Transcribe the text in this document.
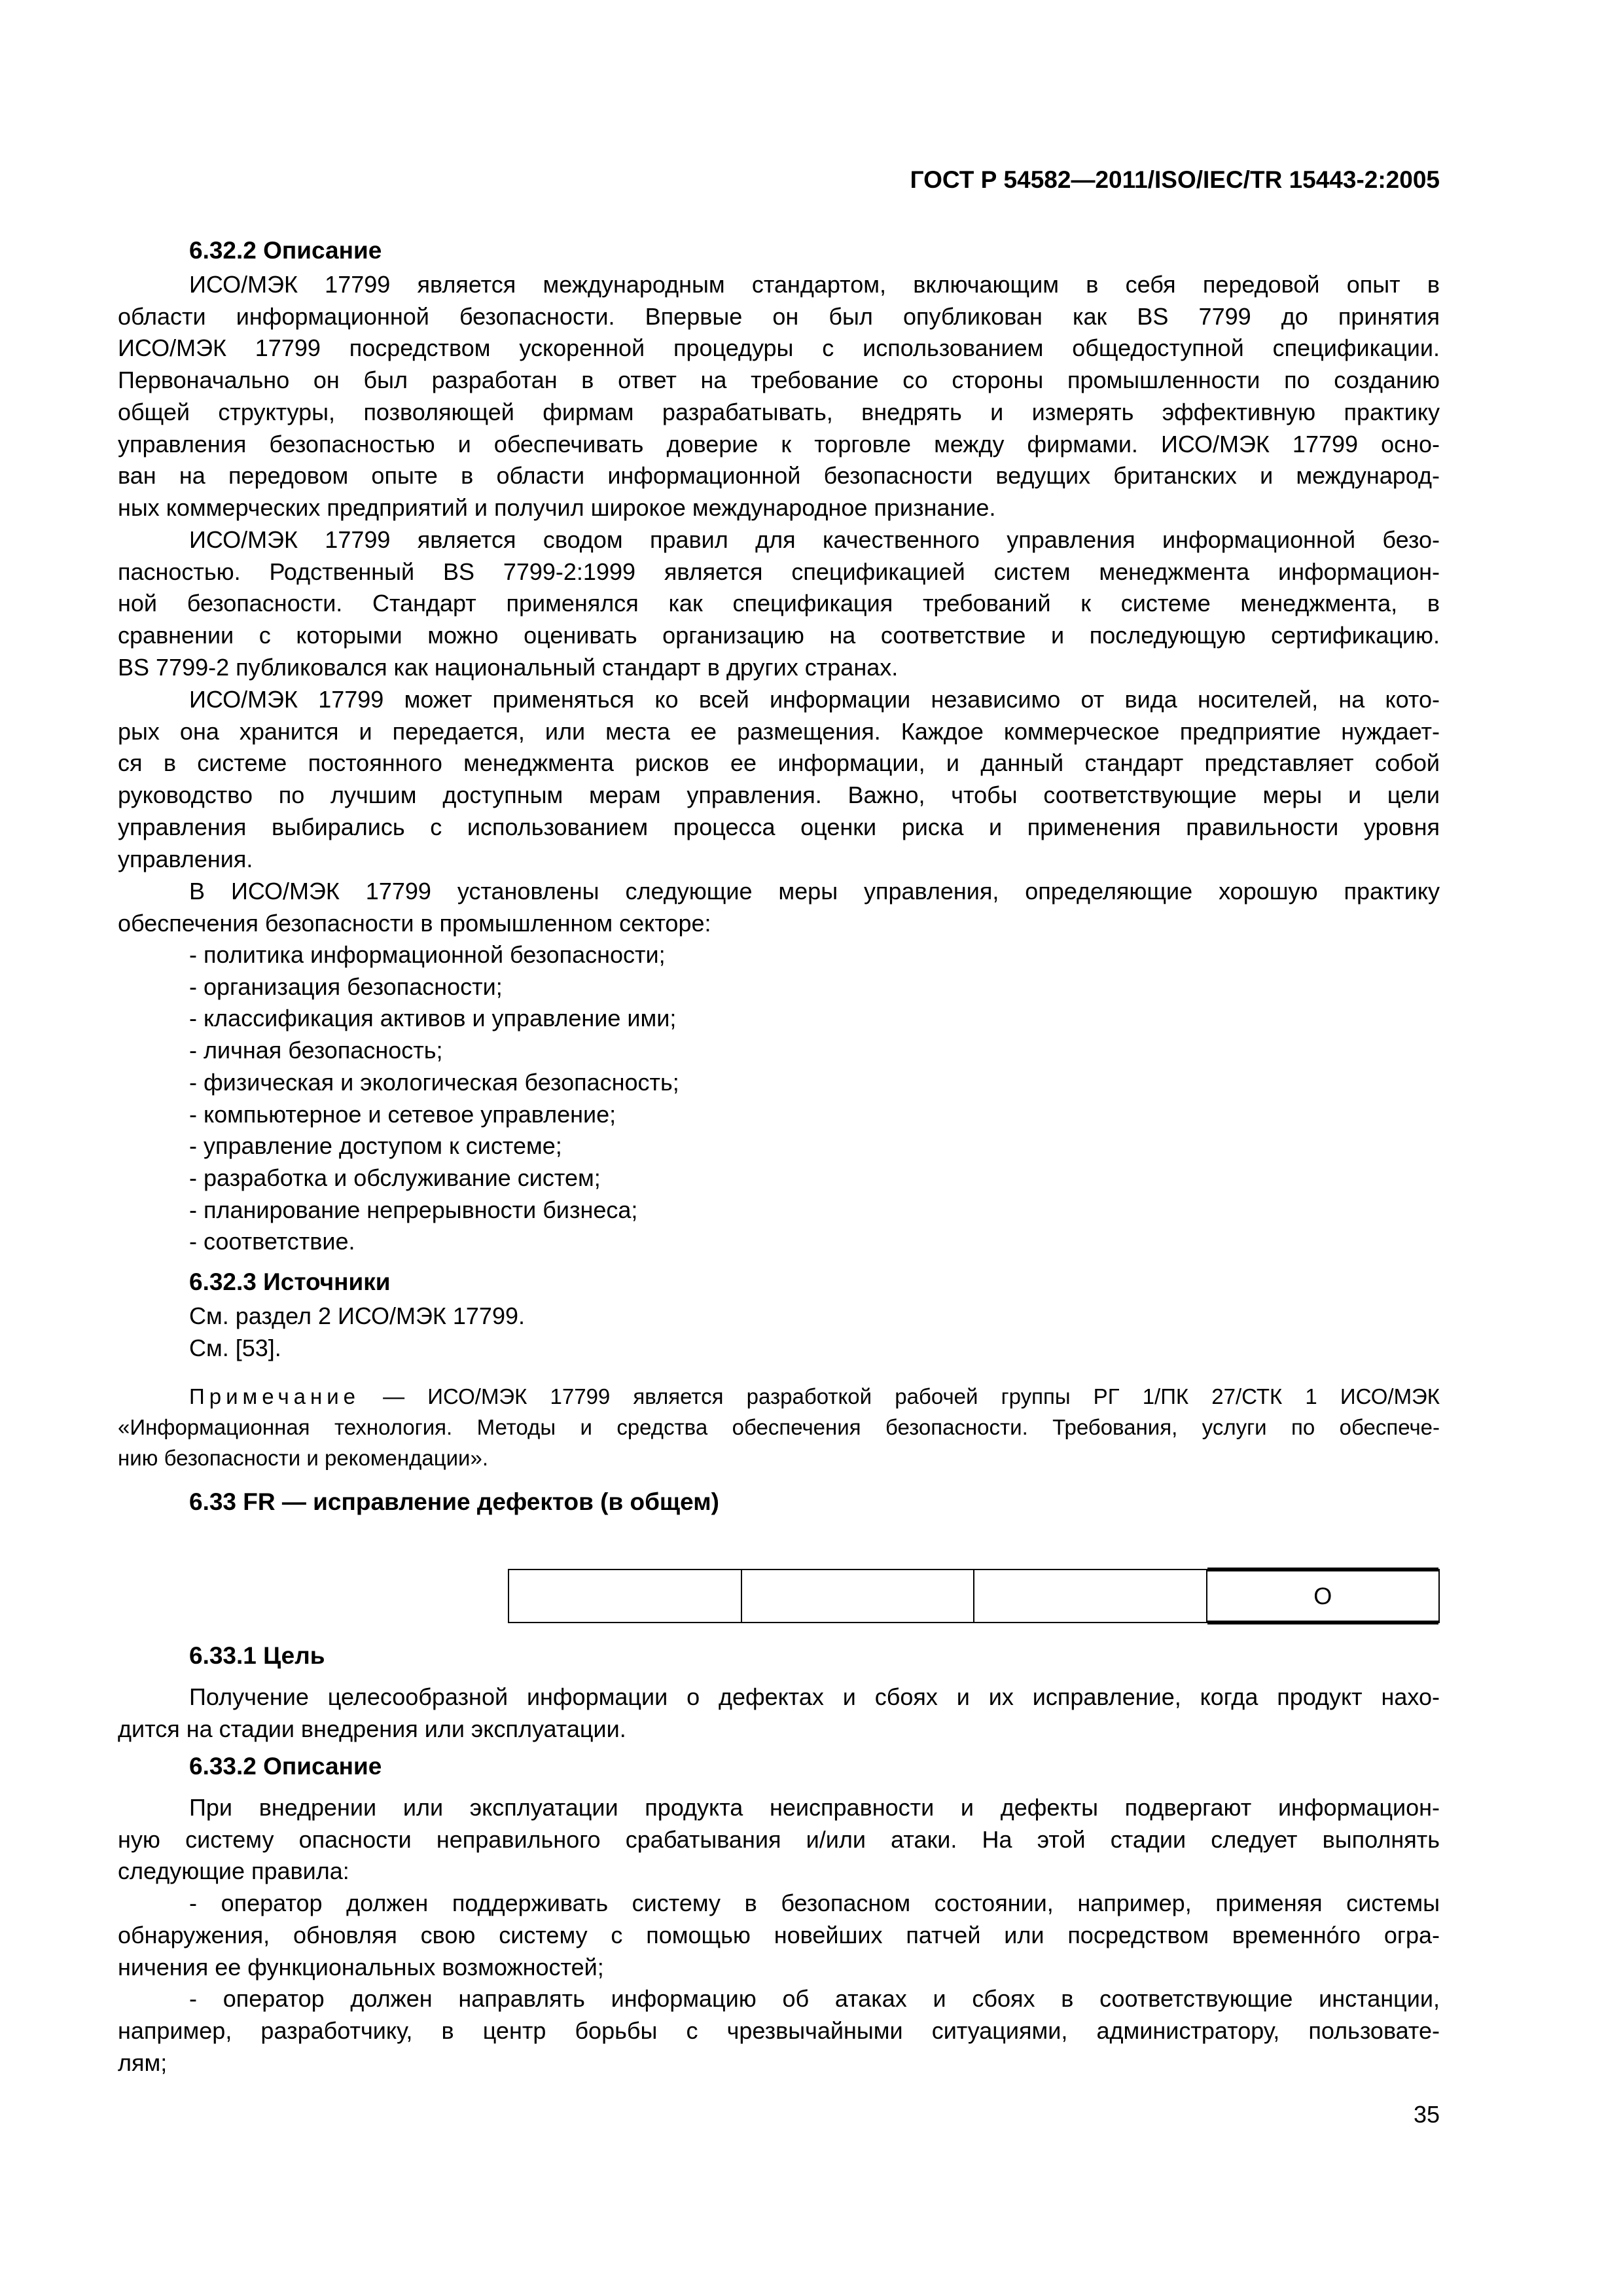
ГОСТ Р 54582—2011/ISO/IEC/TR 15443-2:2005
6.32.2 Описание
ИСО/МЭК 17799 является международным стандартом, включающим в себя передовой опыт в
области информационной безопасности. Впервые он был опубликован как BS 7799 до принятия
ИСО/МЭК 17799 посредством ускоренной процедуры с использованием общедоступной спецификации.
Первоначально он был разработан в ответ на требование со стороны промышленности по созданию
общей структуры, позволяющей фирмам разрабатывать, внедрять и измерять эффективную практику
управления безопасностью и обеспечивать доверие к торговле между фирмами. ИСО/МЭК 17799 осно-
ван на передовом опыте в области информационной безопасности ведущих британских и международ-
ных коммерческих предприятий и получил широкое международное признание.
ИСО/МЭК 17799 является сводом правил для качественного управления информационной безо-
пасностью. Родственный BS 7799-2:1999 является спецификацией систем менеджмента информацион-
ной безопасности. Стандарт применялся как спецификация требований к системе менеджмента, в
сравнении с которыми можно оценивать организацию на соответствие и последующую сертификацию.
BS 7799-2 публиковался как национальный стандарт в других странах.
ИСО/МЭК 17799 может применяться ко всей информации независимо от вида носителей, на кото-
рых она хранится и передается, или места ее размещения. Каждое коммерческое предприятие нуждает-
ся в системе постоянного менеджмента рисков ее информации, и данный стандарт представляет собой
руководство по лучшим доступным мерам управления. Важно, чтобы соответствующие меры и цели
управления выбирались с использованием процесса оценки риска и применения правильности уровня
управления.
В ИСО/МЭК 17799 установлены следующие меры управления, определяющие хорошую практику
обеспечения безопасности в промышленном секторе:
- политика информационной безопасности;
- организация безопасности;
- классификация активов и управление ими;
- личная безопасность;
- физическая и экологическая безопасность;
- компьютерное и сетевое управление;
- управление доступом к системе;
- разработка и обслуживание систем;
- планирование непрерывности бизнеса;
- соответствие.
6.32.3 Источники
См. раздел 2 ИСО/МЭК 17799.
См. [53].
Примечание — ИСО/МЭК 17799 является разработкой рабочей группы РГ 1/ПК 27/СТК 1 ИСО/МЭК
«Информационная технология. Методы и средства обеспечения безопасности. Требования, услуги по обеспече-
нию безопасности и рекомендации».
6.33 FR — исправление дефектов (в общем)
O
6.33.1 Цель
Получение целесообразной информации о дефектах и сбоях и их исправление, когда продукт нахо-
дится на стадии внедрения или эксплуатации.
6.33.2 Описание
При внедрении или эксплуатации продукта неисправности и дефекты подвергают информацион-
ную систему опасности неправильного срабатывания и/или атаки. На этой стадии следует выполнять
следующие правила:
- оператор должен поддерживать систему в безопасном состоянии, например, применяя системы
обнаружения, обновляя свою систему с помощью новейших патчей или посредством временно́го огра-
ничения ее функциональных возможностей;
- оператор должен направлять информацию об атаках и сбоях в соответствующие инстанции,
например, разработчику, в центр борьбы с чрезвычайными ситуациями, администратору, пользовате-
лям;
35
